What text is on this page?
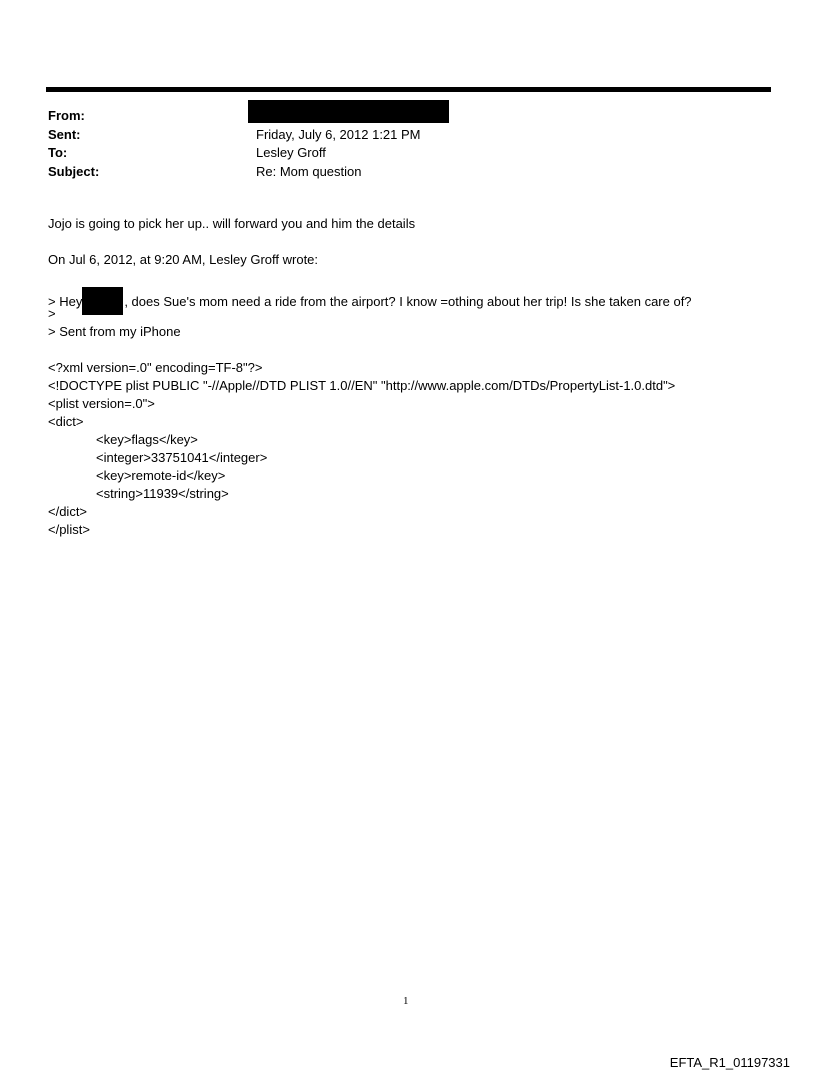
From:
Sent:	Friday, July 6, 2012 1:21 PM
To:	Lesley Groff
Subject:	Re: Mom question
Jojo is going to pick her up.. will forward you and him the details
On Jul 6, 2012, at 9:20 AM, Lesley Groff wrote:
> Hey	, does Sue's mom need a ride from the airport? I know =othing about her trip! Is she taken care of?
>
> Sent from my iPhone
<?xml version=.0" encoding=TF-8"?>
<!DOCTYPE plist PUBLIC "-//Apple//DTD PLIST 1.0//EN" "http://www.apple.com/DTDs/PropertyList-1.0.dtd">
<plist version=.0">
<dict>
<key>flags</key>
<integer>33751041</integer>
<key>remote-id</key>
<string>11939</string>
</dict>
</plist>
1
EFTA_R1_01197331
